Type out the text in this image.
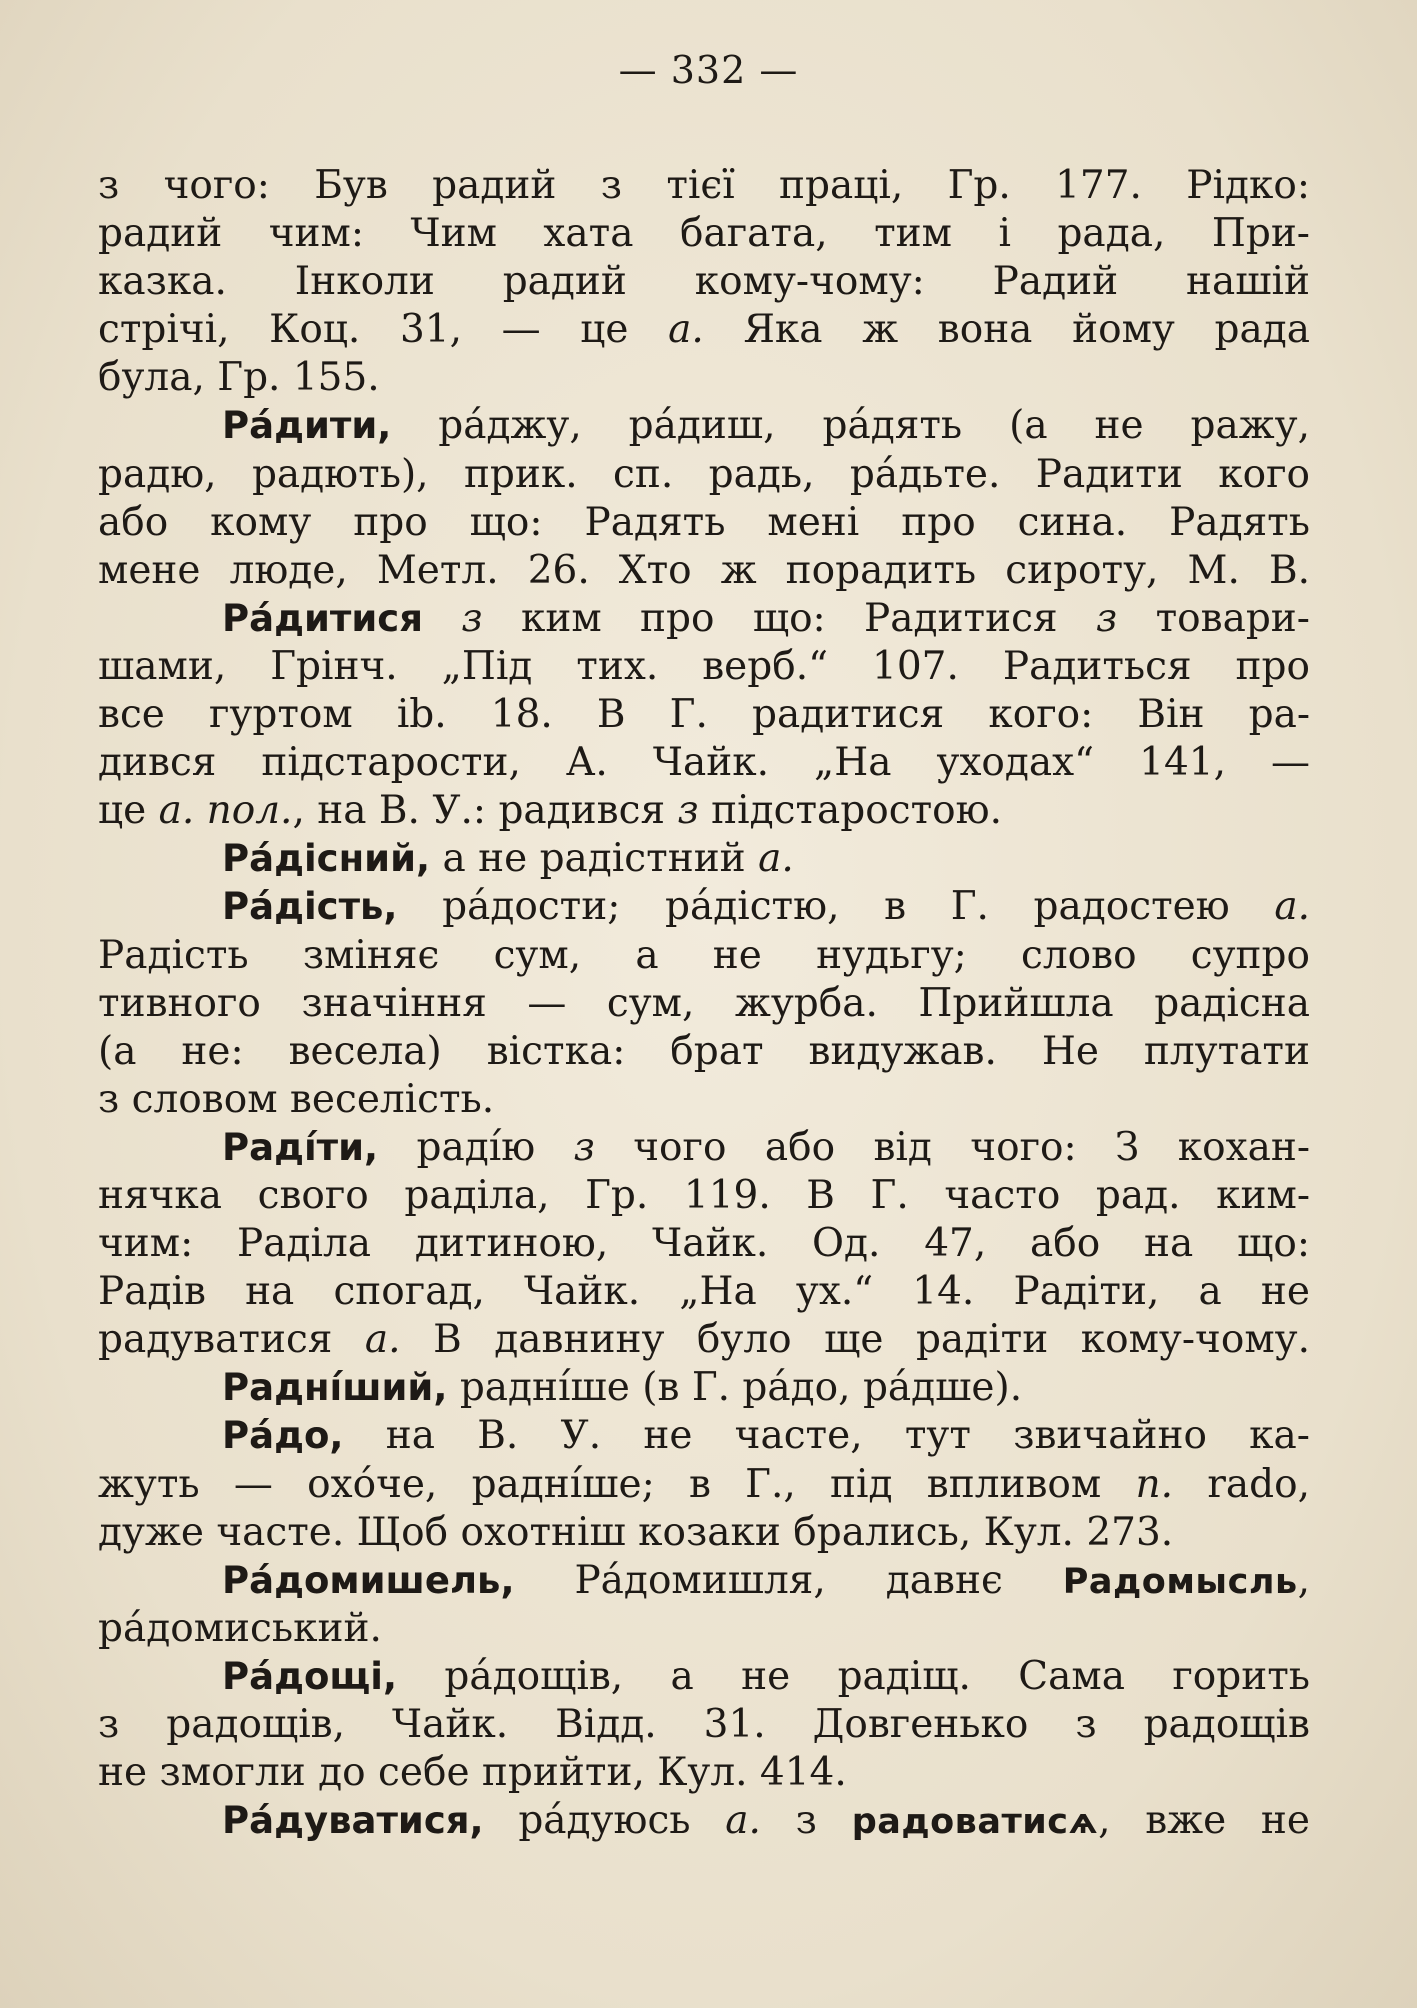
— 332 —
з чого: Був радий з тієї праці, Гр. 177. Рідко:
радий чим: Чим хата багата, тим і рада, При-
казка. Інколи радий кому-чому: Радий нашій
стрічі, Коц. 31, — це а. Яка ж вона йому рада
була, Гр. 155.
Ра́дити, ра́джу, ра́диш, ра́дять (а не ражу,
радю, радють), прик. сп. радь, ра́дьте. Радити кого
або кому про що: Радять мені про сина. Радять
мене люде, Метл. 26. Хто ж порадить сироту, М. В.
Ра́дитися з ким про що: Радитися з товари-
шами, Грінч. „Під тих. верб.“ 107. Радиться про
все гуртом ib. 18. В Г. радитися кого: Він ра-
дився підстарости, А. Чайк. „На уходах“ 141, —
це а. пол., на В. У.: радився з підстаростою.
Ра́дісний, а не радістний а.
Ра́дість, ра́дости; ра́дістю, в Г. радостею а.
Радість зміняє сум, а не нудьгу; слово супро
тивного значіння — сум, журба. Прийшла радісна
(а не: весела) вістка: брат видужав. Не плутати
з словом веселість.
Раді́ти, раді́ю з чого або від чого: З кохан-
нячка свого раділа, Гр. 119. В Г. часто рад. ким-
чим: Раділа дитиною, Чайк. Од. 47, або на що:
Радів на спогад, Чайк. „На ух.“ 14. Радіти, а не
радуватися а. В давнину було ще радіти кому-чому.
Радні́ший, радні́ше (в Г. ра́до, ра́дше).
Ра́до, на В. У. не часте, тут звичайно ка-
жуть — охо́че, радні́ше; в Г., під впливом п. rado,
дуже часте. Щоб охотніш козаки брались, Кул. 273.
Ра́домишель, Ра́домишля, давнє Радомысль,
ра́домиський.
Ра́дощі, ра́дощів, а не радіщ. Сама горить
з радощів, Чайк. Відд. 31. Довгенько з радощів
не змогли до себе прийти, Кул. 414.
Ра́дуватися, ра́дуюсь а. з радоватисѧ, вже не
